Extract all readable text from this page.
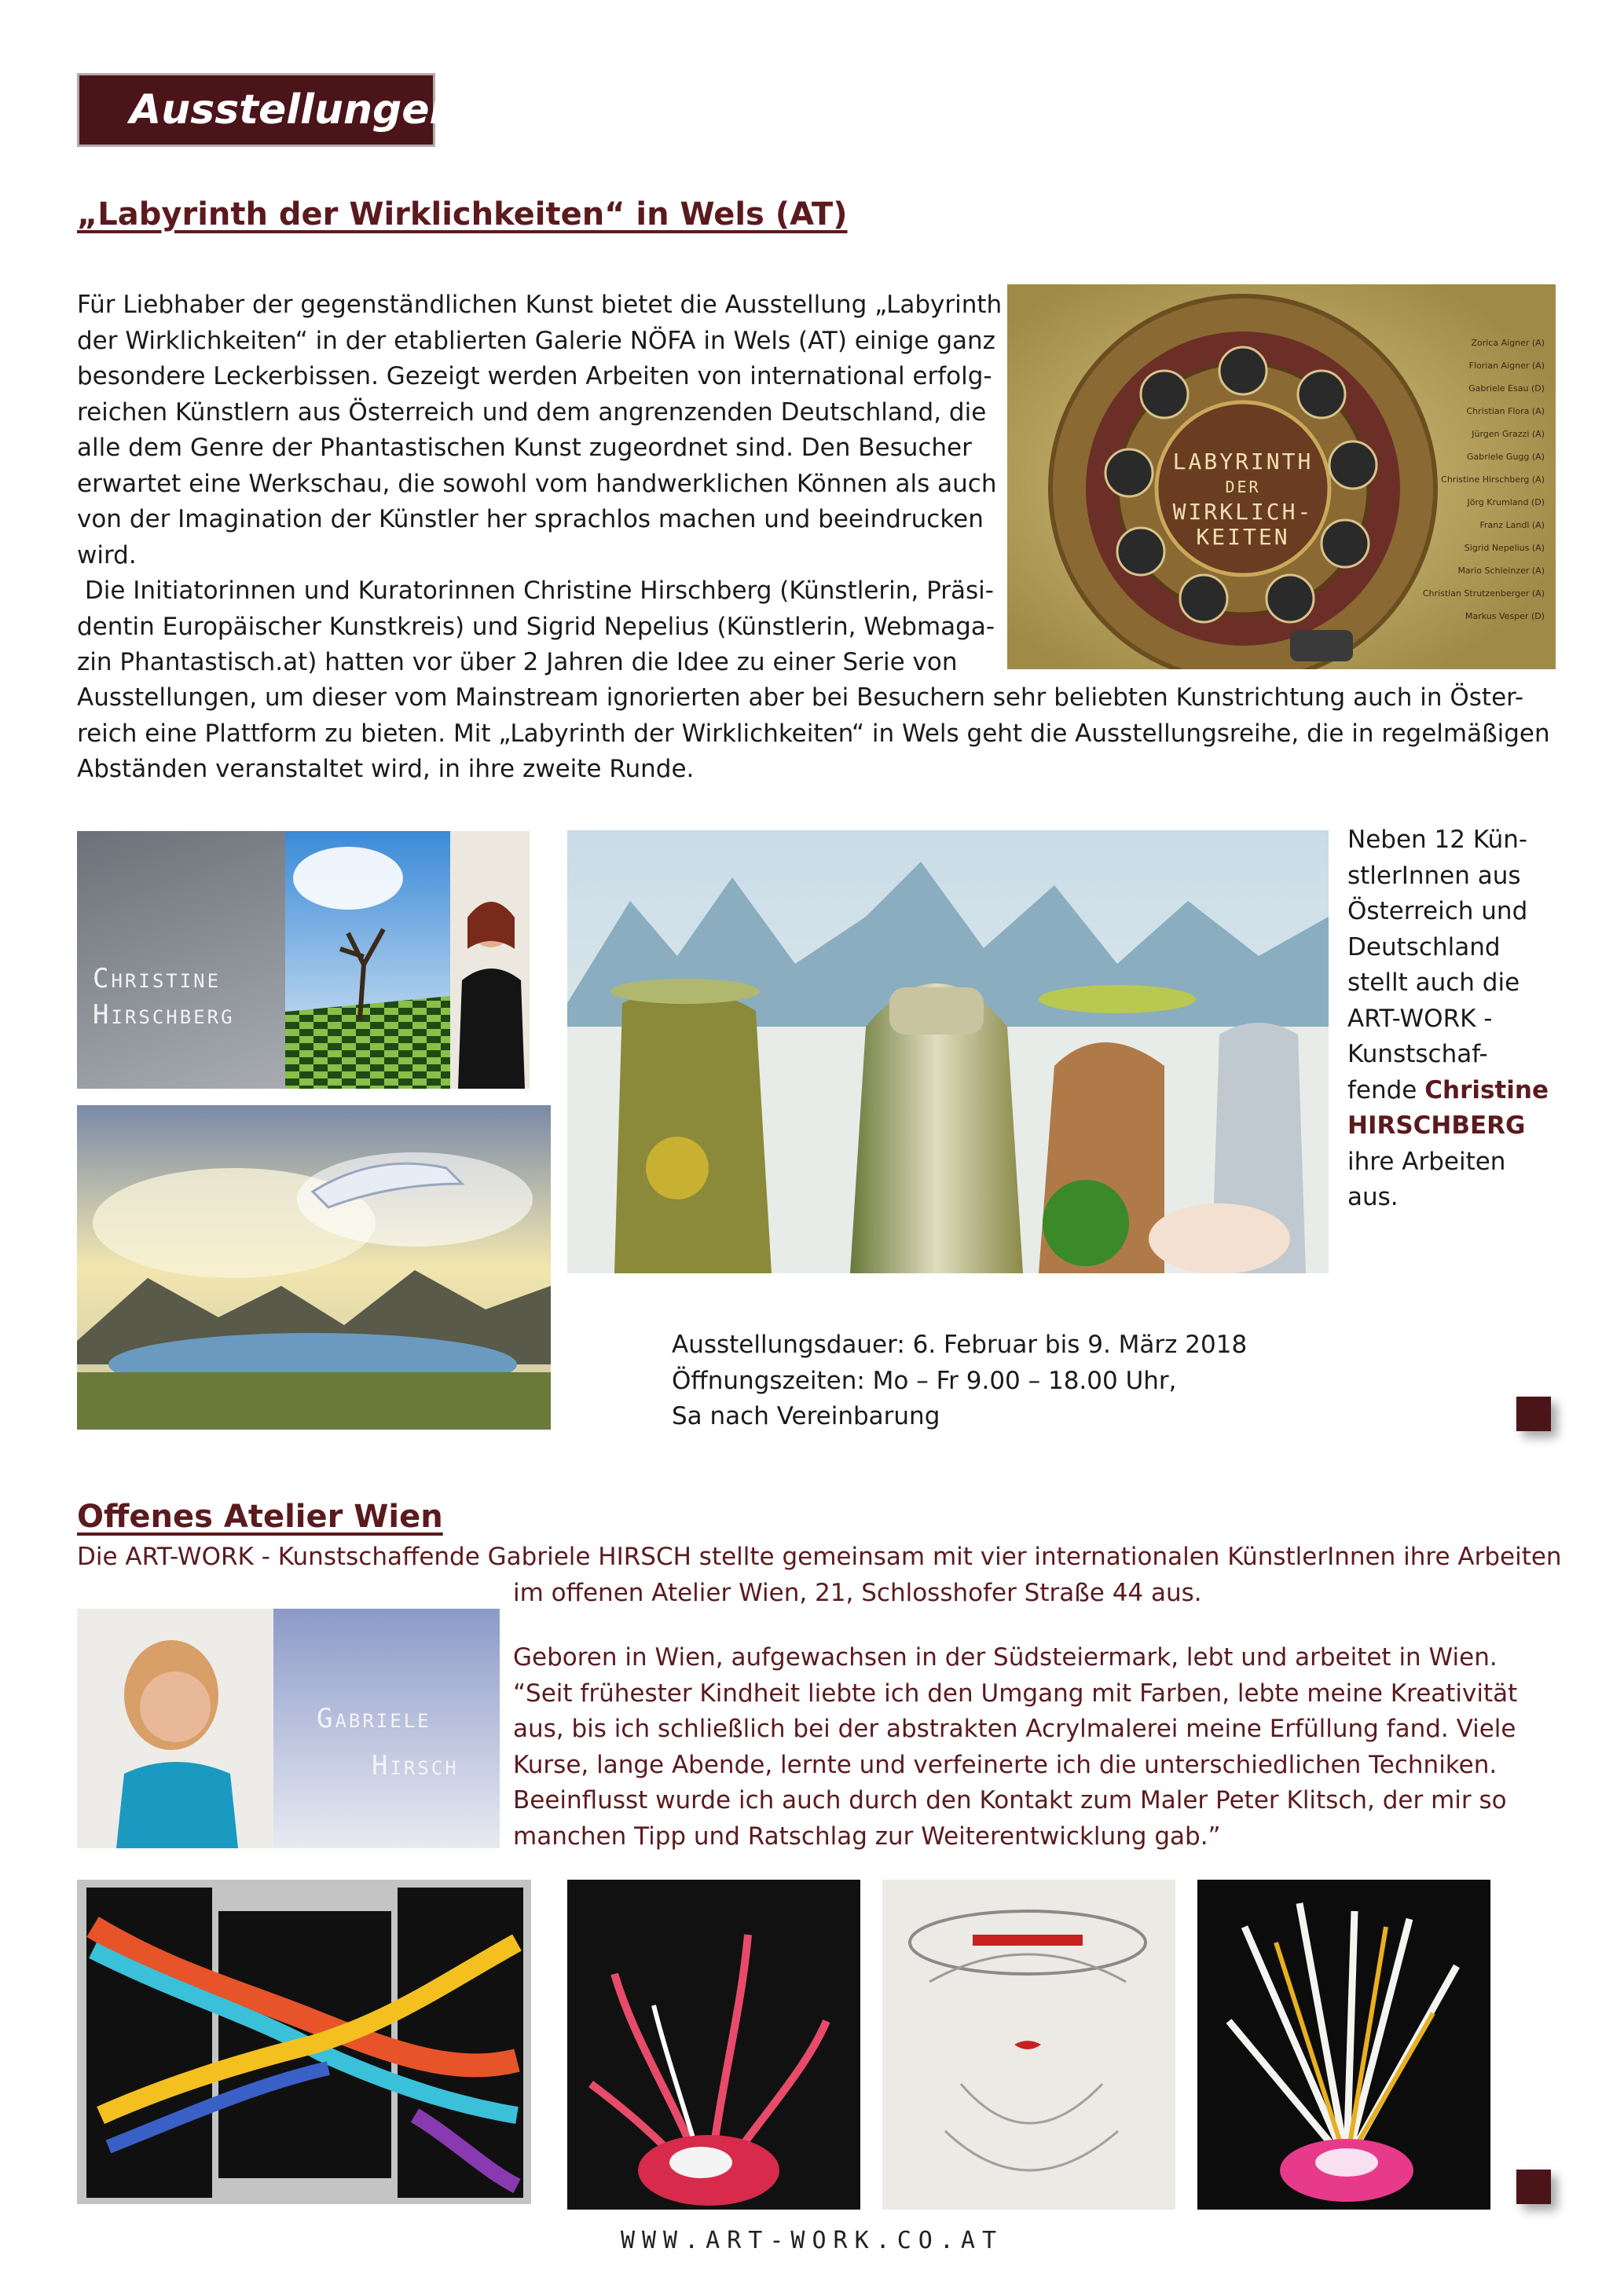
Ausstellungen
„Labyrinth der Wirklichkeiten“ in Wels (AT)
Für Liebhaber der gegenständlichen Kunst bietet die Ausstellung „Labyrinth
der Wirklichkeiten“ in der etablierten Galerie NÖFA in Wels (AT) einige ganz
besondere Leckerbissen. Gezeigt werden Arbeiten von international erfolg-
reichen Künstlern aus Österreich und dem angrenzenden Deutschland, die
alle dem Genre der Phantastischen Kunst zugeordnet sind. Den Besucher
erwartet eine Werkschau, die sowohl vom handwerklichen Können als auch
von der Imagination der Künstler her sprachlos machen und beeindrucken
wird.
Die Initiatorinnen und Kuratorinnen Christine Hirschberg (Künstlerin, Präsi-
dentin Europäischer Kunstkreis) und Sigrid Nepelius (Künstlerin, Webmaga-
zin Phantastisch.at) hatten vor über 2 Jahren die Idee zu einer Serie von
Ausstellungen, um dieser vom Mainstream ignorierten aber bei Besuchern sehr beliebten Kunstrichtung auch in Öster-
reich eine Plattform zu bieten. Mit „Labyrinth der Wirklichkeiten“ in Wels geht die Ausstellungsreihe, die in regelmäßigen
Abständen veranstaltet wird, in ihre zweite Runde.
LABYRINTH
DER
WIRKLICH-
KEITEN
Zorica Aigner (A)
Florian Aigner (A)
Gabriele Esau (D)
Christian Flora (A)
Jürgen Grazzi (A)
Gabriele Gugg (A)
Christine Hirschberg (A)
Jörg Krumland (D)
Franz Landl (A)
Sigrid Nepelius (A)
Mario Schleinzer (A)
Christian Strutzenberger (A)
Markus Vesper (D)
Christine
Hirschberg
Neben 12 Kün-
stlerInnen aus
Österreich und
Deutschland
stellt auch die
ART-WORK -
Kunstschaf-
fende Christine
HIRSCHBERG
ihre Arbeiten
aus.
Ausstellungsdauer: 6. Februar bis 9. März 2018
Öffnungszeiten: Mo – Fr 9.00 – 18.00 Uhr,
Sa nach Vereinbarung
Offenes Atelier Wien
Die ART-WORK - Kunstschaffende Gabriele HIRSCH stellte gemeinsam mit vier internationalen KünstlerInnen ihre Arbeiten
im offenen Atelier Wien, 21, Schlosshofer Straße 44 aus.
Gabriele
Hirsch
Geboren in Wien, aufgewachsen in der Südsteiermark, lebt und arbeitet in Wien.
“Seit frühester Kindheit liebte ich den Umgang mit Farben, lebte meine Kreativität
aus, bis ich schließlich bei der abstrakten Acrylmalerei meine Erfüllung fand. Viele
Kurse, lange Abende, lernte und verfeinerte ich die unterschiedlichen Techniken.
Beeinflusst wurde ich auch durch den Kontakt zum Maler Peter Klitsch, der mir so
manchen Tipp und Ratschlag zur Weiterentwicklung gab.”
WWW.ART-WORK.CO.AT
